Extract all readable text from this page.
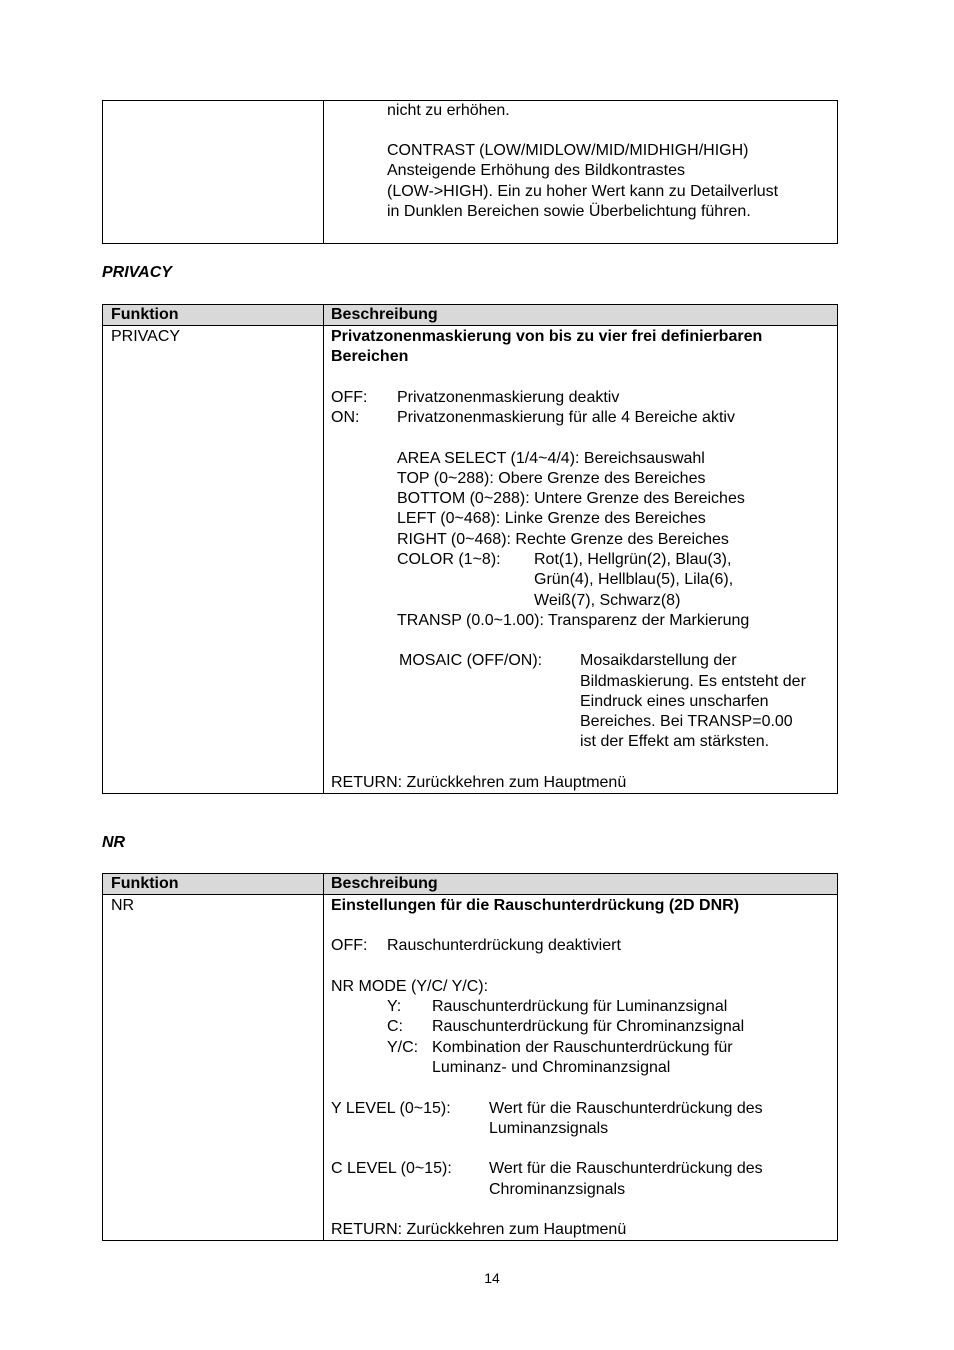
nicht zu erhöhen.
CONTRAST (LOW/MIDLOW/MID/MIDHIGH/HIGH)
Ansteigende Erhöhung des Bildkontrastes
(LOW->HIGH). Ein zu hoher Wert kann zu Detailverlust
in Dunklen Bereichen sowie Überbelichtung führen.
PRIVACY
Funktion	Beschreibung
PRIVACY	Privatzonenmaskierung von bis zu vier frei definierbaren
Bereichen
OFF: Privatzonenmaskierung deaktiv
ON: Privatzonenmaskierung für alle 4 Bereiche aktiv
AREA SELECT (1/4~4/4): Bereichsauswahl
TOP (0~288): Obere Grenze des Bereiches
BOTTOM (0~288): Untere Grenze des Bereiches
LEFT (0~468): Linke Grenze des Bereiches
RIGHT (0~468): Rechte Grenze des Bereiches
COLOR (1~8): Rot(1), Hellgrün(2), Blau(3),
Grün(4), Hellblau(5), Lila(6),
Weiß(7), Schwarz(8)
TRANSP (0.0~1.00): Transparenz der Markierung
MOSAIC (OFF/ON): Mosaikdarstellung der
Bildmaskierung. Es entsteht der
Eindruck eines unscharfen
Bereiches. Bei TRANSP=0.00
ist der Effekt am stärksten.
RETURN: Zurückkehren zum Hauptmenü
NR
Funktion	Beschreibung
NR	Einstellungen für die Rauschunterdrückung (2D DNR)
OFF: Rauschunterdrückung deaktiviert
NR MODE (Y/C/ Y/C):
Y: Rauschunterdrückung für Luminanzsignal
C: Rauschunterdrückung für Chrominanzsignal
Y/C: Kombination der Rauschunterdrückung für
Luminanz- und Chrominanzsignal
Y LEVEL (0~15): Wert für die Rauschunterdrückung des
Luminanzsignals
C LEVEL (0~15): Wert für die Rauschunterdrückung des
Chrominanzsignals
RETURN: Zurückkehren zum Hauptmenü
14
